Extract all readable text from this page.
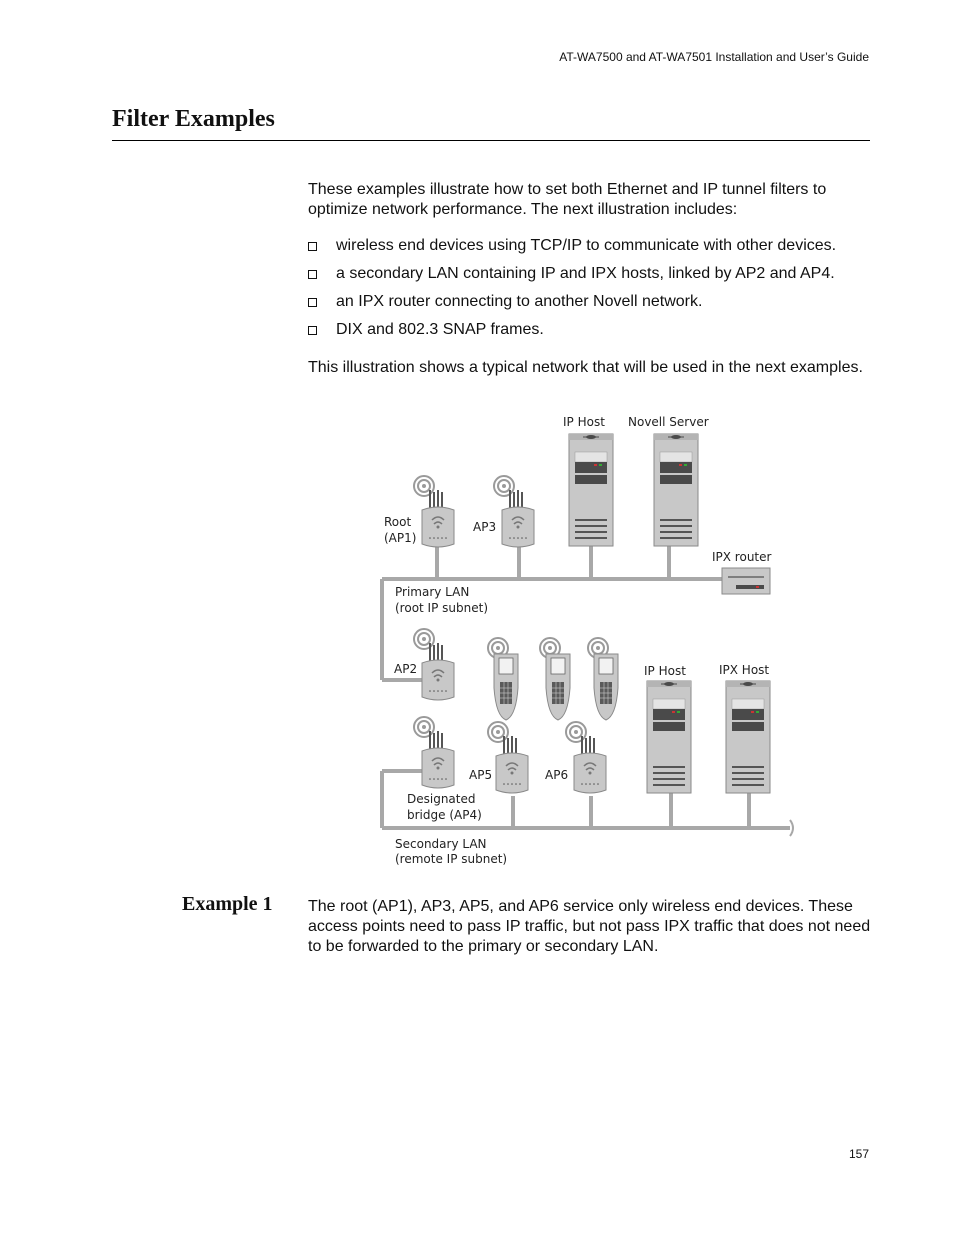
AT-WA7500 and AT-WA7501 Installation and User’s Guide
Filter Examples

These examples illustrate how to set both Ethernet and IP tunnel filters to optimize network performance. The next illustration includes:

wireless end devices using TCP/IP to communicate with other devices.
a secondary LAN containing IP and IPX hosts, linked by AP2 and AP4.
an IPX router connecting to another Novell network.
DIX and 802.3 SNAP frames.

This illustration shows a typical network that will be used in the next examples.

IP Host Novell Server
Root
(AP1)
AP3
IPX router
Primary LAN
(root IP subnet)
AP2	IP Host	IPX Host
AP5	AP6
Designated
bridge (AP4)
Secondary LAN
(remote IP subnet)
Example 1 The root (AP1), AP3, AP5, and AP6 service only wireless end devices. These access points need to pass IP traffic, but not pass IPX traffic that does not need to be forwarded to the primary or secondary LAN.

157
